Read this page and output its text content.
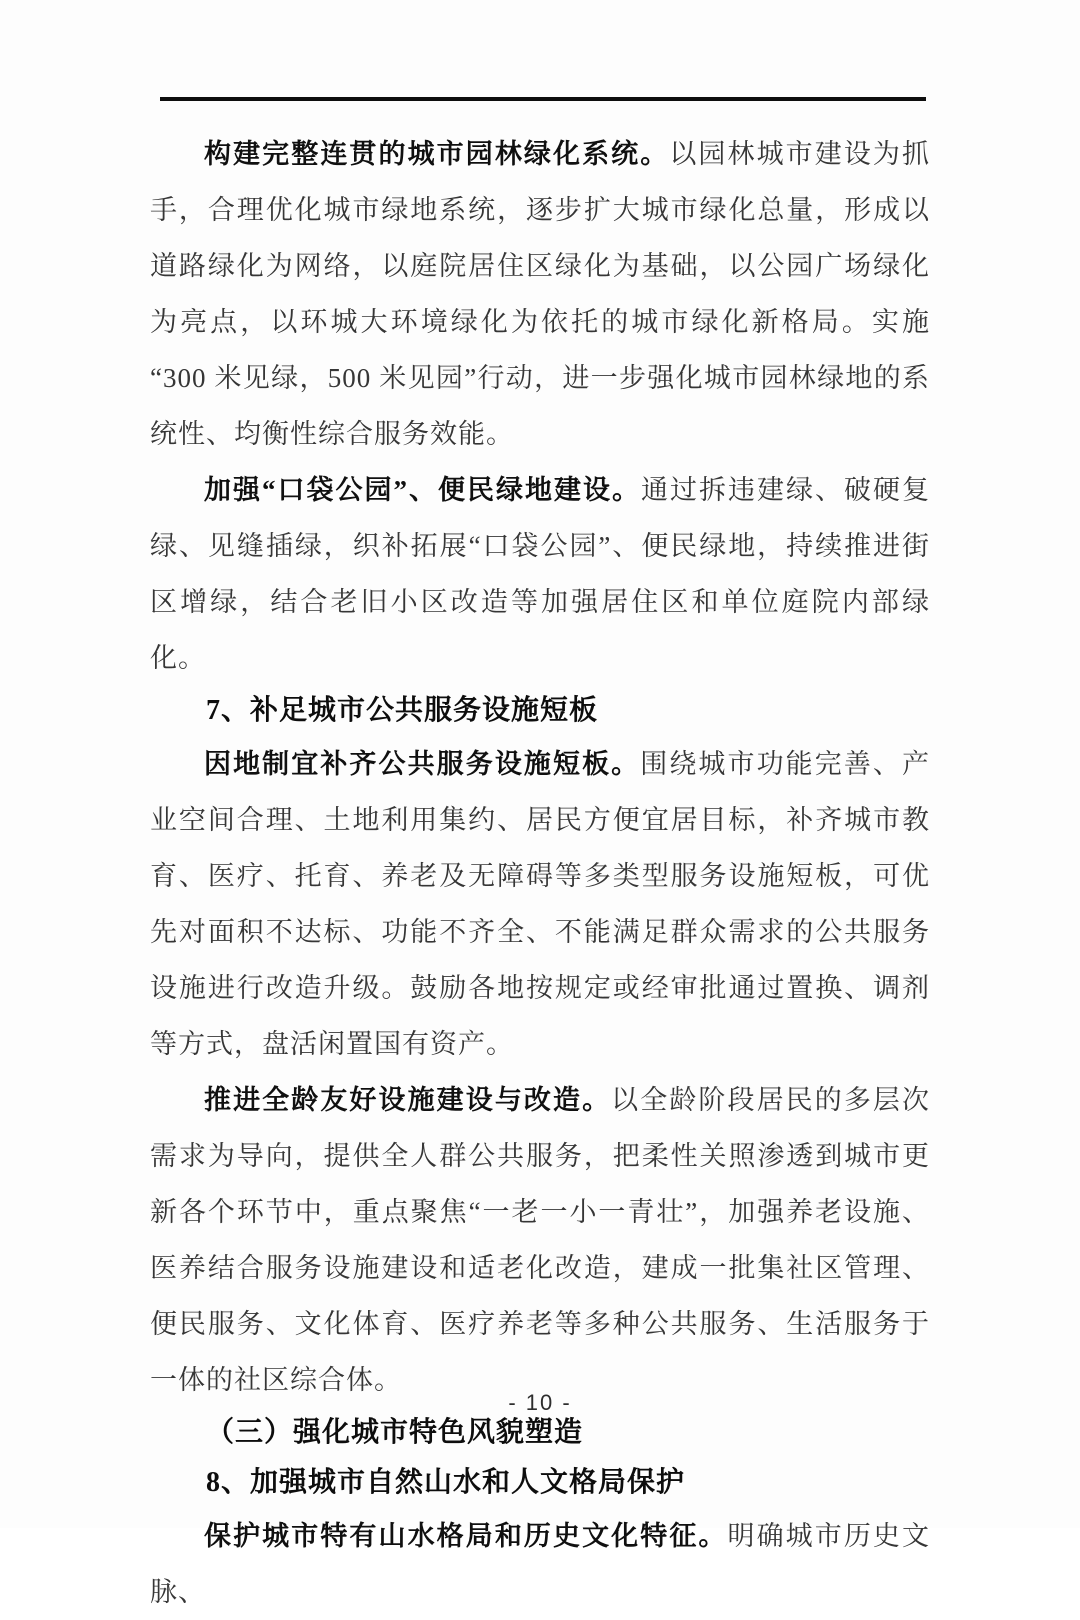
构建完整连贯的城市园林绿化系统。以园林城市建设为抓手，合理优化城市绿地系统，逐步扩大城市绿化总量，形成以道路绿化为网络，以庭院居住区绿化为基础，以公园广场绿化为亮点，以环城大环境绿化为依托的城市绿化新格局。实施“300 米见绿，500 米见园”行动，进一步强化城市园林绿地的系统性、均衡性综合服务效能。

加强“口袋公园”、便民绿地建设。通过拆违建绿、破硬复绿、见缝插绿，织补拓展“口袋公园”、便民绿地，持续推进街区增绿，结合老旧小区改造等加强居住区和单位庭院内部绿化。

7、补足城市公共服务设施短板

因地制宜补齐公共服务设施短板。围绕城市功能完善、产业空间合理、土地利用集约、居民方便宜居目标，补齐城市教育、医疗、托育、养老及无障碍等多类型服务设施短板，可优先对面积不达标、功能不齐全、不能满足群众需求的公共服务设施进行改造升级。鼓励各地按规定或经审批通过置换、调剂等方式，盘活闲置国有资产。

推进全龄友好设施建设与改造。以全龄阶段居民的多层次需求为导向，提供全人群公共服务，把柔性关照渗透到城市更新各个环节中，重点聚焦“一老一小一青壮”，加强养老设施、医养结合服务设施建设和适老化改造，建成一批集社区管理、便民服务、文化体育、医疗养老等多种公共服务、生活服务于一体的社区综合体。

（三）强化城市特色风貌塑造

8、加强城市自然山水和人文格局保护

保护城市特有山水格局和历史文化特征。明确城市历史文脉、

- 10 -
